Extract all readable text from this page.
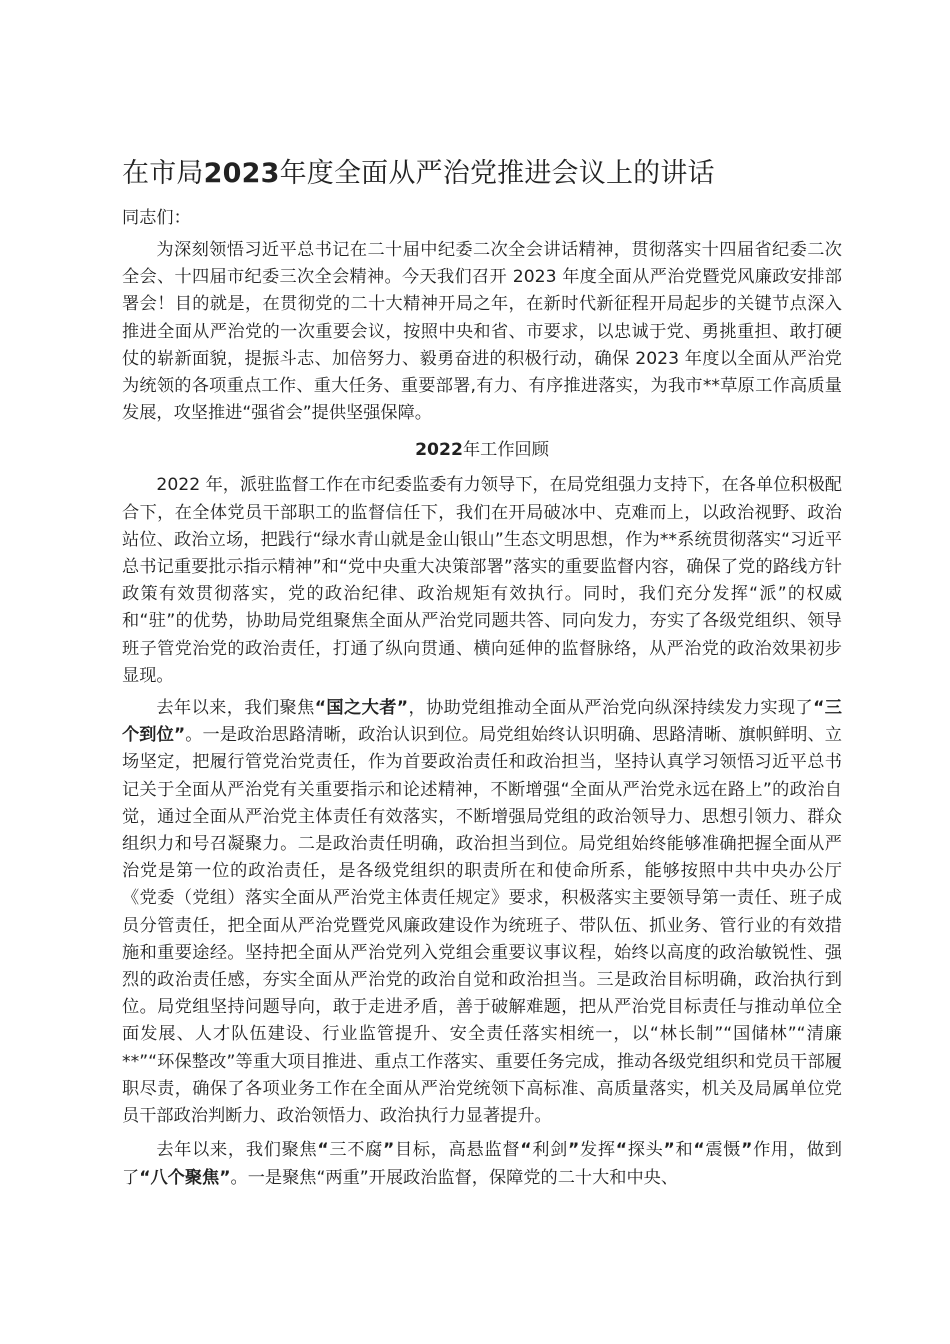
在市局2023年度全面从严治党推进会议上的讲话

同志们：

为深刻领悟习近平总书记在二十届中纪委二次全会讲话精神，贯彻落实十四届省纪委二次全会、十四届市纪委三次全会精神。今天我们召开 2023 年度全面从严治党暨党风廉政安排部署会！目的就是，在贯彻党的二十大精神开局之年，在新时代新征程开局起步的关键节点深入推进全面从严治党的一次重要会议，按照中央和省、市要求，以忠诚于党、勇挑重担、敢打硬仗的崭新面貌，提振斗志、加倍努力、毅勇奋进的积极行动，确保 2023 年度以全面从严治党为统领的各项重点工作、重大任务、重要部署,有力、有序推进落实，为我市**草原工作高质量发展，攻坚推进“强省会”提供坚强保障。

2022年工作回顾

2022 年，派驻监督工作在市纪委监委有力领导下，在局党组强力支持下，在各单位积极配合下，在全体党员干部职工的监督信任下，我们在开局破冰中、克难而上，以政治视野、政治站位、政治立场，把践行“绿水青山就是金山银山”生态文明思想，作为**系统贯彻落实“习近平总书记重要批示指示精神”和“党中央重大决策部署”落实的重要监督内容，确保了党的路线方针政策有效贯彻落实，党的政治纪律、政治规矩有效执行。同时，我们充分发挥“派”的权威和“驻”的优势，协助局党组聚焦全面从严治党同题共答、同向发力，夯实了各级党组织、领导班子管党治党的政治责任，打通了纵向贯通、横向延伸的监督脉络，从严治党的政治效果初步显现。

去年以来，我们聚焦“国之大者”，协助党组推动全面从严治党向纵深持续发力实现了“三个到位”。一是政治思路清晰，政治认识到位。局党组始终认识明确、思路清晰、旗帜鲜明、立场坚定，把履行管党治党责任，作为首要政治责任和政治担当，坚持认真学习领悟习近平总书记关于全面从严治党有关重要指示和论述精神，不断增强“全面从严治党永远在路上”的政治自觉，通过全面从严治党主体责任有效落实，不断增强局党组的政治领导力、思想引领力、群众组织力和号召凝聚力。二是政治责任明确，政治担当到位。局党组始终能够准确把握全面从严治党是第一位的政治责任，是各级党组织的职责所在和使命所系，能够按照中共中央办公厅《党委（党组）落实全面从严治党主体责任规定》要求，积极落实主要领导第一责任、班子成员分管责任，把全面从严治党暨党风廉政建设作为统班子、带队伍、抓业务、管行业的有效措施和重要途经。坚持把全面从严治党列入党组会重要议事议程，始终以高度的政治敏锐性、强烈的政治责任感，夯实全面从严治党的政治自觉和政治担当。三是政治目标明确，政治执行到位。局党组坚持问题导向，敢于走进矛盾，善于破解难题，把从严治党目标责任与推动单位全面发展、人才队伍建设、行业监管提升、安全责任落实相统一，以“林长制”“国储林”“清廉**”“环保整改”等重大项目推进、重点工作落实、重要任务完成，推动各级党组织和党员干部履职尽责，确保了各项业务工作在全面从严治党统领下高标准、高质量落实，机关及局属单位党员干部政治判断力、政治领悟力、政治执行力显著提升。

去年以来，我们聚焦“三不腐”目标，高悬监督“利剑”发挥“探头”和“震慑”作用，做到了“八个聚焦”。一是聚焦“两重”开展政治监督，保障党的二十大和中央、
